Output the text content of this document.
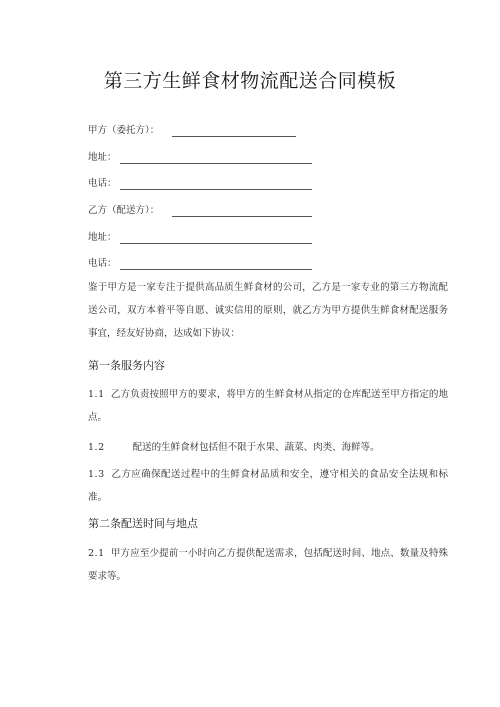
第三方生鲜食材物流配送合同模板
甲方（委托方）：
地址：
电话：
乙方（配送方）：
地址：
电话：

鉴于甲方是一家专注于提供高品质生鲜食材的公司，乙方是一家专业的第三方物流配送公司，双方本着平等自愿、诚实信用的原则，就乙方为甲方提供生鲜食材配送服务事宜，经友好协商，达成如下协议：

第一条服务内容

1.1 乙方负责按照甲方的要求，将甲方的生鲜食材从指定的仓库配送至甲方指定的地点。

1.2	配送的生鲜食材包括但不限于水果、蔬菜、肉类、海鲜等。

1.3 乙方应确保配送过程中的生鲜食材品质和安全，遵守相关的食品安全法规和标准。

第二条配送时间与地点

2.1 甲方应至少提前一小时向乙方提供配送需求，包括配送时间、地点、数量及特殊要求等。
